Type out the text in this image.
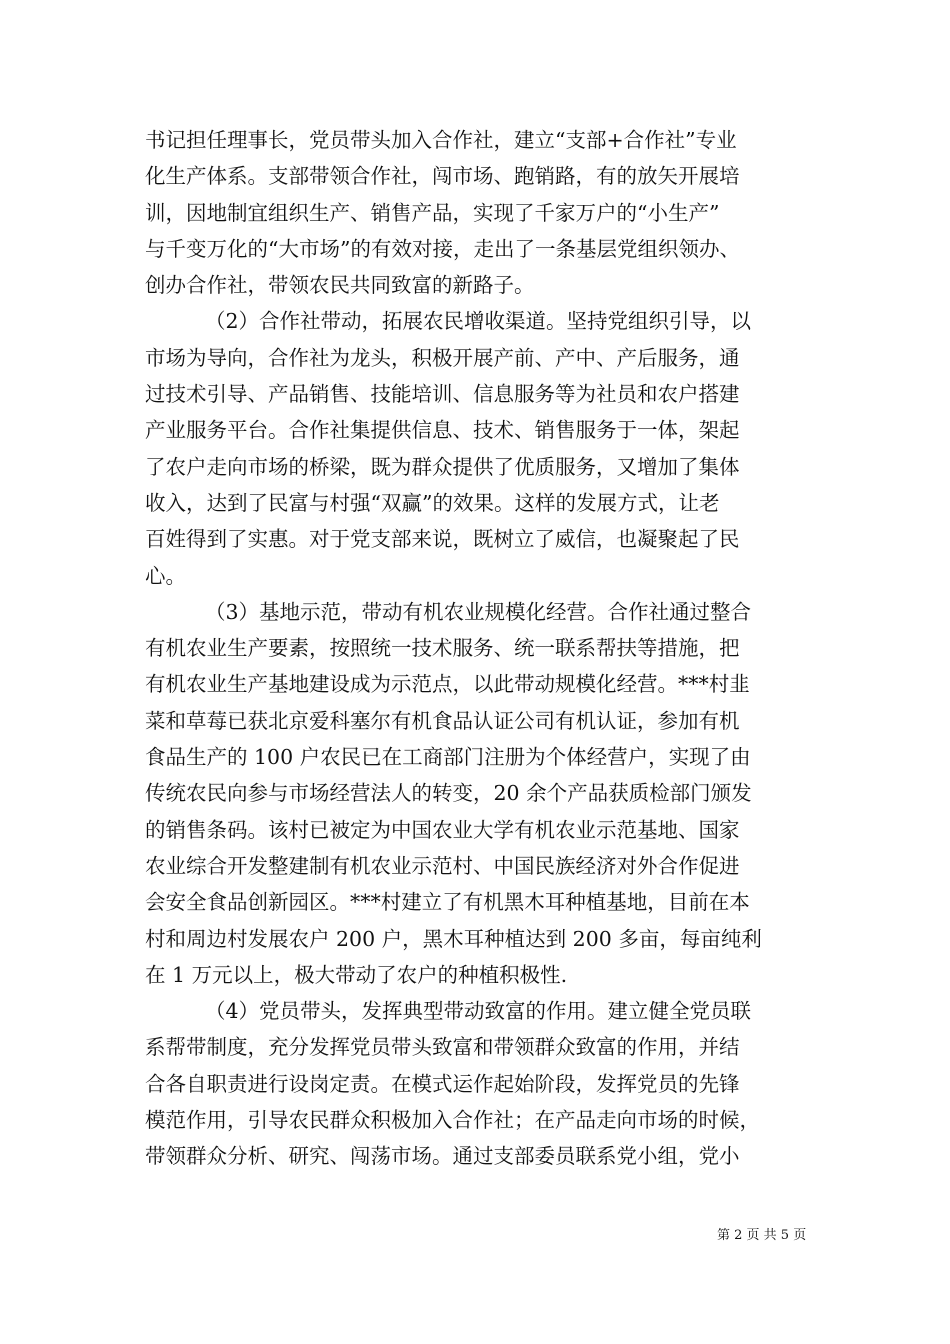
书记担任理事长，党员带头加入合作社，建立“支部+合作社”专业
化生产体系。支部带领合作社，闯市场、跑销路，有的放矢开展培
训，因地制宜组织生产、销售产品，实现了千家万户的“小生产”
与千变万化的“大市场”的有效对接，走出了一条基层党组织领办、
创办合作社，带领农民共同致富的新路子。
（2）合作社带动，拓展农民增收渠道。坚持党组织引导，以
市场为导向，合作社为龙头，积极开展产前、产中、产后服务，通
过技术引导、产品销售、技能培训、信息服务等为社员和农户搭建
产业服务平台。合作社集提供信息、技术、销售服务于一体，架起
了农户走向市场的桥梁，既为群众提供了优质服务，又增加了集体
收入，达到了民富与村强“双赢”的效果。这样的发展方式，让老
百姓得到了实惠。对于党支部来说，既树立了威信，也凝聚起了民
心。
（3）基地示范，带动有机农业规模化经营。合作社通过整合
有机农业生产要素，按照统一技术服务、统一联系帮扶等措施，把
有机农业生产基地建设成为示范点，以此带动规模化经营。***村韭
菜和草莓已获北京爱科塞尔有机食品认证公司有机认证，参加有机
食品生产的 100 户农民已在工商部门注册为个体经营户，实现了由
传统农民向参与市场经营法人的转变，20 余个产品获质检部门颁发
的销售条码。该村已被定为中国农业大学有机农业示范基地、国家
农业综合开发整建制有机农业示范村、中国民族经济对外合作促进
会安全食品创新园区。***村建立了有机黑木耳种植基地，目前在本
村和周边村发展农户 200 户，黑木耳种植达到 200 多亩，每亩纯利
在 1 万元以上，极大带动了农户的种植积极性.
（4）党员带头，发挥典型带动致富的作用。建立健全党员联
系帮带制度，充分发挥党员带头致富和带领群众致富的作用，并结
合各自职责进行设岗定责。在模式运作起始阶段，发挥党员的先锋
模范作用，引导农民群众积极加入合作社；在产品走向市场的时候，
带领群众分析、研究、闯荡市场。通过支部委员联系党小组，党小
第 2 页 共 5 页
